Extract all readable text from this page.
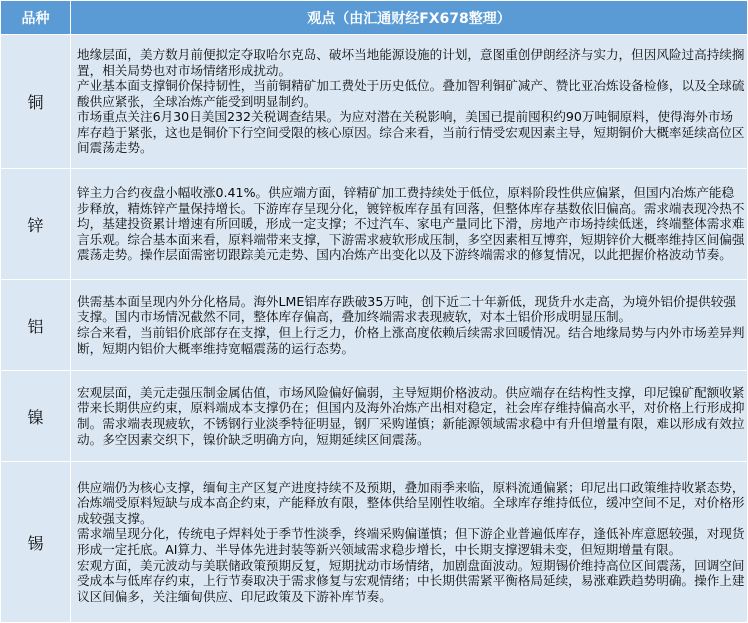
品种	观点（由汇通财经FX678整理）
铜	地缘层面，美方数月前便拟定夺取哈尔克岛、破坏当地能源设施的计划，意图重创伊朗经济与实力，但因风险过高持续搁置，相关局势也对市场情绪形成扰动。

产业基本面支撑铜价保持韧性，当前铜精矿加工费处于历史低位。叠加智利铜矿减产、赞比亚冶炼设备检修，以及全球硫酸供应紧张，全球冶炼产能受到明显制约。

市场重点关注6月30日美国232关税调查结果。为应对潜在关税影响，美国已提前囤积约90万吨铜原料，使得海外市场库存趋于紧张，这也是铜价下行空间受限的核心原因。综合来看，当前行情受宏观因素主导，短期铜价大概率延续高位区间震荡走势。

锌	锌主力合约夜盘小幅收涨0.41%。供应端方面，锌精矿加工费持续处于低位，原料阶段性供应偏紧，但国内冶炼产能稳步释放，精炼锌产量保持增长。下游库存呈现分化，镀锌板库存虽有回落，但整体库存基数依旧偏高。需求端表现冷热不均，基建投资累计增速有所回暖，形成一定支撑；不过汽车、家电产量同比下滑，房地产市场持续低迷，终端整体需求难言乐观。综合基本面来看，原料端带来支撑，下游需求疲软形成压制，多空因素相互博弈，短期锌价大概率维持区间偏强震荡走势。操作层面需密切跟踪美元走势、国内冶炼产出变化以及下游终端需求的修复情况，以此把握价格波动节奏。

铝	供需基本面呈现内外分化格局。海外LME铝库存跌破35万吨，创下近二十年新低，现货升水走高，为境外铝价提供较强支撑。国内市场情况截然不同，整体库存偏高，叠加终端需求表现疲软，对本土铝价形成明显压制。

综合来看，当前铝价底部存在支撑，但上行乏力，价格上涨高度依赖后续需求回暖情况。结合地缘局势与内外市场差异判断，短期内铝价大概率维持宽幅震荡的运行态势。

镍	宏观层面，美元走强压制金属估值，市场风险偏好偏弱，主导短期价格波动。供应端存在结构性支撑，印尼镍矿配额收紧带来长期供应约束，原料端成本支撑仍在；但国内及海外冶炼产出相对稳定，社会库存维持偏高水平，对价格上行形成抑制。需求端表现疲软，不锈钢行业淡季特征明显，钢厂采购谨慎；新能源领域需求稳中有升但增量有限，难以形成有效拉动。多空因素交织下，镍价缺乏明确方向，短期延续区间震荡。

锡	供应端仍为核心支撑，缅甸主产区复产进度持续不及预期，叠加雨季来临，原料流通偏紧；印尼出口政策维持收紧态势，冶炼端受原料短缺与成本高企约束，产能释放有限，整体供给呈刚性收缩。全球库存维持低位，缓冲空间不足，对价格形成较强支撑。

需求端呈现分化，传统电子焊料处于季节性淡季，终端采购偏谨慎；但下游企业普遍低库存，逢低补库意愿较强，对现货形成一定托底。AI算力、半导体先进封装等新兴领域需求稳步增长，中长期支撑逻辑未变，但短期增量有限。

宏观方面，美元波动与美联储政策预期反复，短期扰动市场情绪，加剧盘面波动。短期锡价维持高位区间震荡，回调空间受成本与低库存约束，上行节奏取决于需求修复与宏观情绪；中长期供需紧平衡格局延续，易涨难跌趋势明确。操作上建议区间偏多，关注缅甸供应、印尼政策及下游补库节奏。
